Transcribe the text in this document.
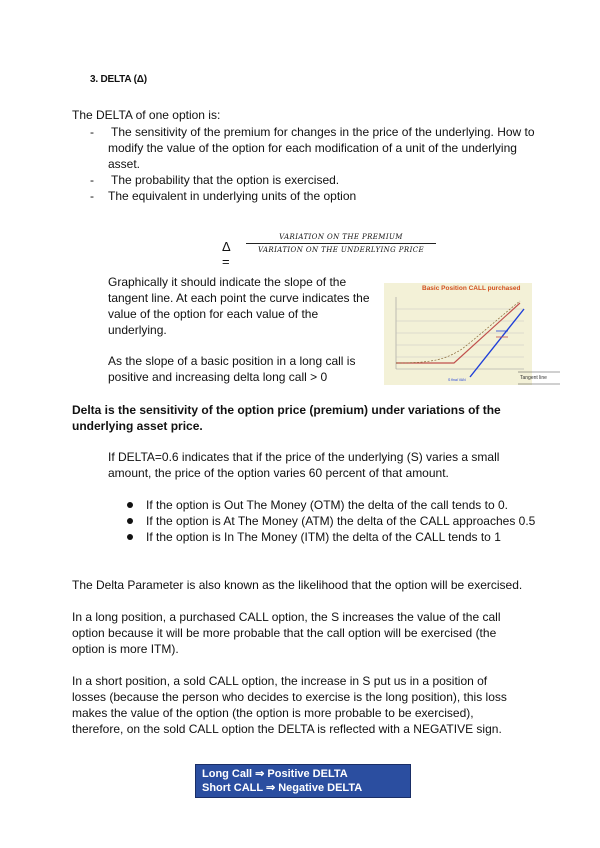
3. DELTA (Δ)
The DELTA of one option is:
- The sensitivity of the premium for changes in the price of the underlying. How to modify the value of the option for each modification of a unit of the underlying asset.
- The probability that the option is exercised.
- The equivalent in underlying units of the option
Δ =
VARIATION ON THE PREMIUM
VARIATION ON THE UNDERLYING PRICE
Graphically it should indicate the slope of the tangent line. At each point the curve indicates the value of the option for each value of the underlying.
As the slope of a basic position in a long call is positive and increasing delta long call > 0
Basic Position CALL purchased
S final VAN	Tangent line
Delta is the sensitivity of the option price (premium) under variations of the underlying asset price.
If DELTA=0.6 indicates that if the price of the underlying (S) varies a small amount, the price of the option varies 60 percent of that amount.
If the option is Out The Money (OTM) the delta of the call tends to 0.
If the option is At The Money (ATM) the delta of the CALL approaches 0.5
If the option is In The Money (ITM) the delta of the CALL tends to 1
The Delta Parameter is also known as the likelihood that the option will be exercised.
In a long position, a purchased CALL option, the S increases the value of the call option because it will be more probable that the call option will be exercised (the option is more ITM).
In a short position, a sold CALL option, the increase in S put us in a position of losses (because the person who decides to exercise is the long position), this loss makes the value of the option (the option is more probable to be exercised), therefore, on the sold CALL option the DELTA is reflected with a NEGATIVE sign.
Long Call ⇒ Positive DELTA
Short CALL ⇒ Negative DELTA
